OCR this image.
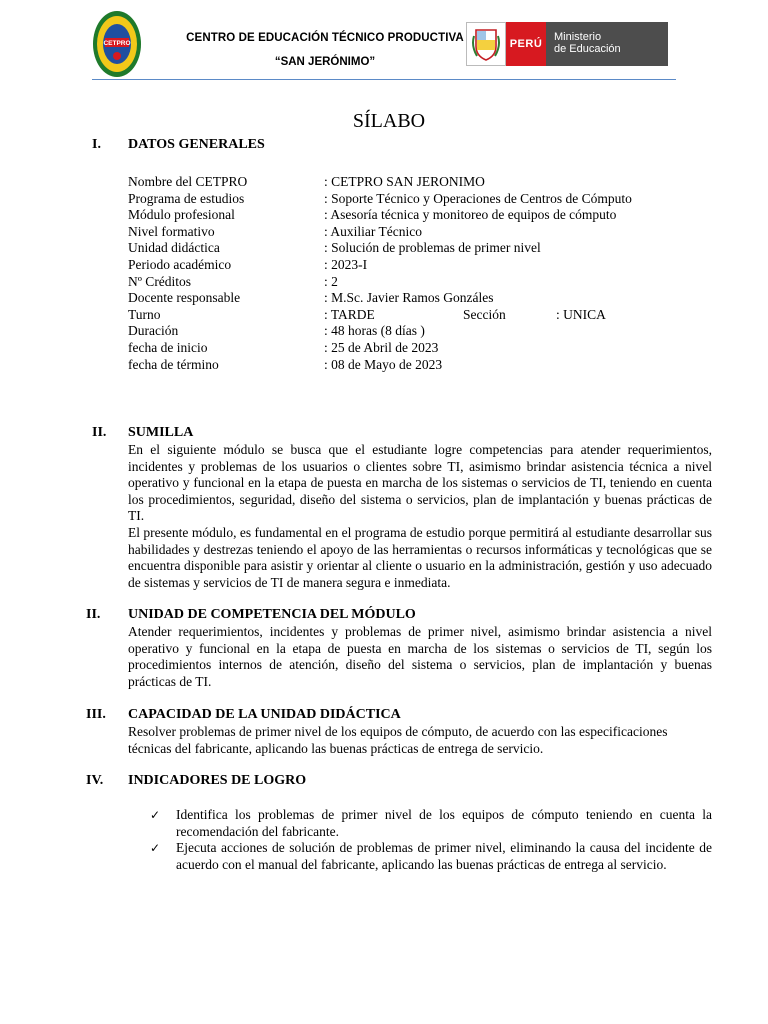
CETPRO	CENTRO DE EDUCACIÓN TÉCNICO PRODUCTIVA
“SAN JERÓNIMO”
PERÚ
Ministerio
de Educación
SÍLABO
I. DATOS GENERALES
Nombre del CETPRO	: CETPRO SAN JERONIMO
Programa de estudios	: Soporte Técnico y Operaciones de Centros de Cómputo
Módulo profesional	: Asesoría técnica y monitoreo de equipos de cómputo
Nivel formativo	: Auxiliar Técnico
Unidad didáctica	: Solución de problemas de primer nivel
Periodo académico	: 2023-I
Nº Créditos	: 2
Docente responsable	: M.Sc. Javier Ramos Gonzáles
Turno	: TARDE	Sección	: UNICA
Duración	: 48 horas (8 días )
fecha de inicio	: 25 de Abril de 2023
fecha de término	: 08 de Mayo de 2023
II. SUMILLA
En el siguiente módulo se busca que el estudiante logre competencias para atender requerimientos, incidentes y problemas de los usuarios o clientes sobre TI, asimismo brindar asistencia técnica a nivel operativo y funcional en la etapa de puesta en marcha de los sistemas o servicios de TI, teniendo en cuenta los procedimientos, seguridad, diseño del sistema o servicios, plan de implantación y buenas prácticas de TI.
El presente módulo, es fundamental en el programa de estudio porque permitirá al estudiante desarrollar sus habilidades y destrezas teniendo el apoyo de las herramientas o recursos informáticas y tecnológicas que se encuentra disponible para asistir y orientar al cliente o usuario en la administración, gestión y uso adecuado de sistemas y servicios de TI de manera segura e inmediata.
II. UNIDAD DE COMPETENCIA DEL MÓDULO
Atender requerimientos, incidentes y problemas de primer nivel, asimismo brindar asistencia a nivel operativo y funcional en la etapa de puesta en marcha de los sistemas o servicios de TI, según los procedimientos internos de atención, diseño del sistema o servicios, plan de implantación y buenas prácticas de TI.
III. CAPACIDAD DE LA UNIDAD DIDÁCTICA
Resolver problemas de primer nivel de los equipos de cómputo, de acuerdo con las especificaciones técnicas del fabricante, aplicando las buenas prácticas de entrega de servicio.
IV. INDICADORES DE LOGRO
✓	Identifica los problemas de primer nivel de los equipos de cómputo teniendo en cuenta la recomendación del fabricante.
✓	Ejecuta acciones de solución de problemas de primer nivel, eliminando la causa del incidente de acuerdo con el manual del fabricante, aplicando las buenas prácticas de entrega al servicio.
